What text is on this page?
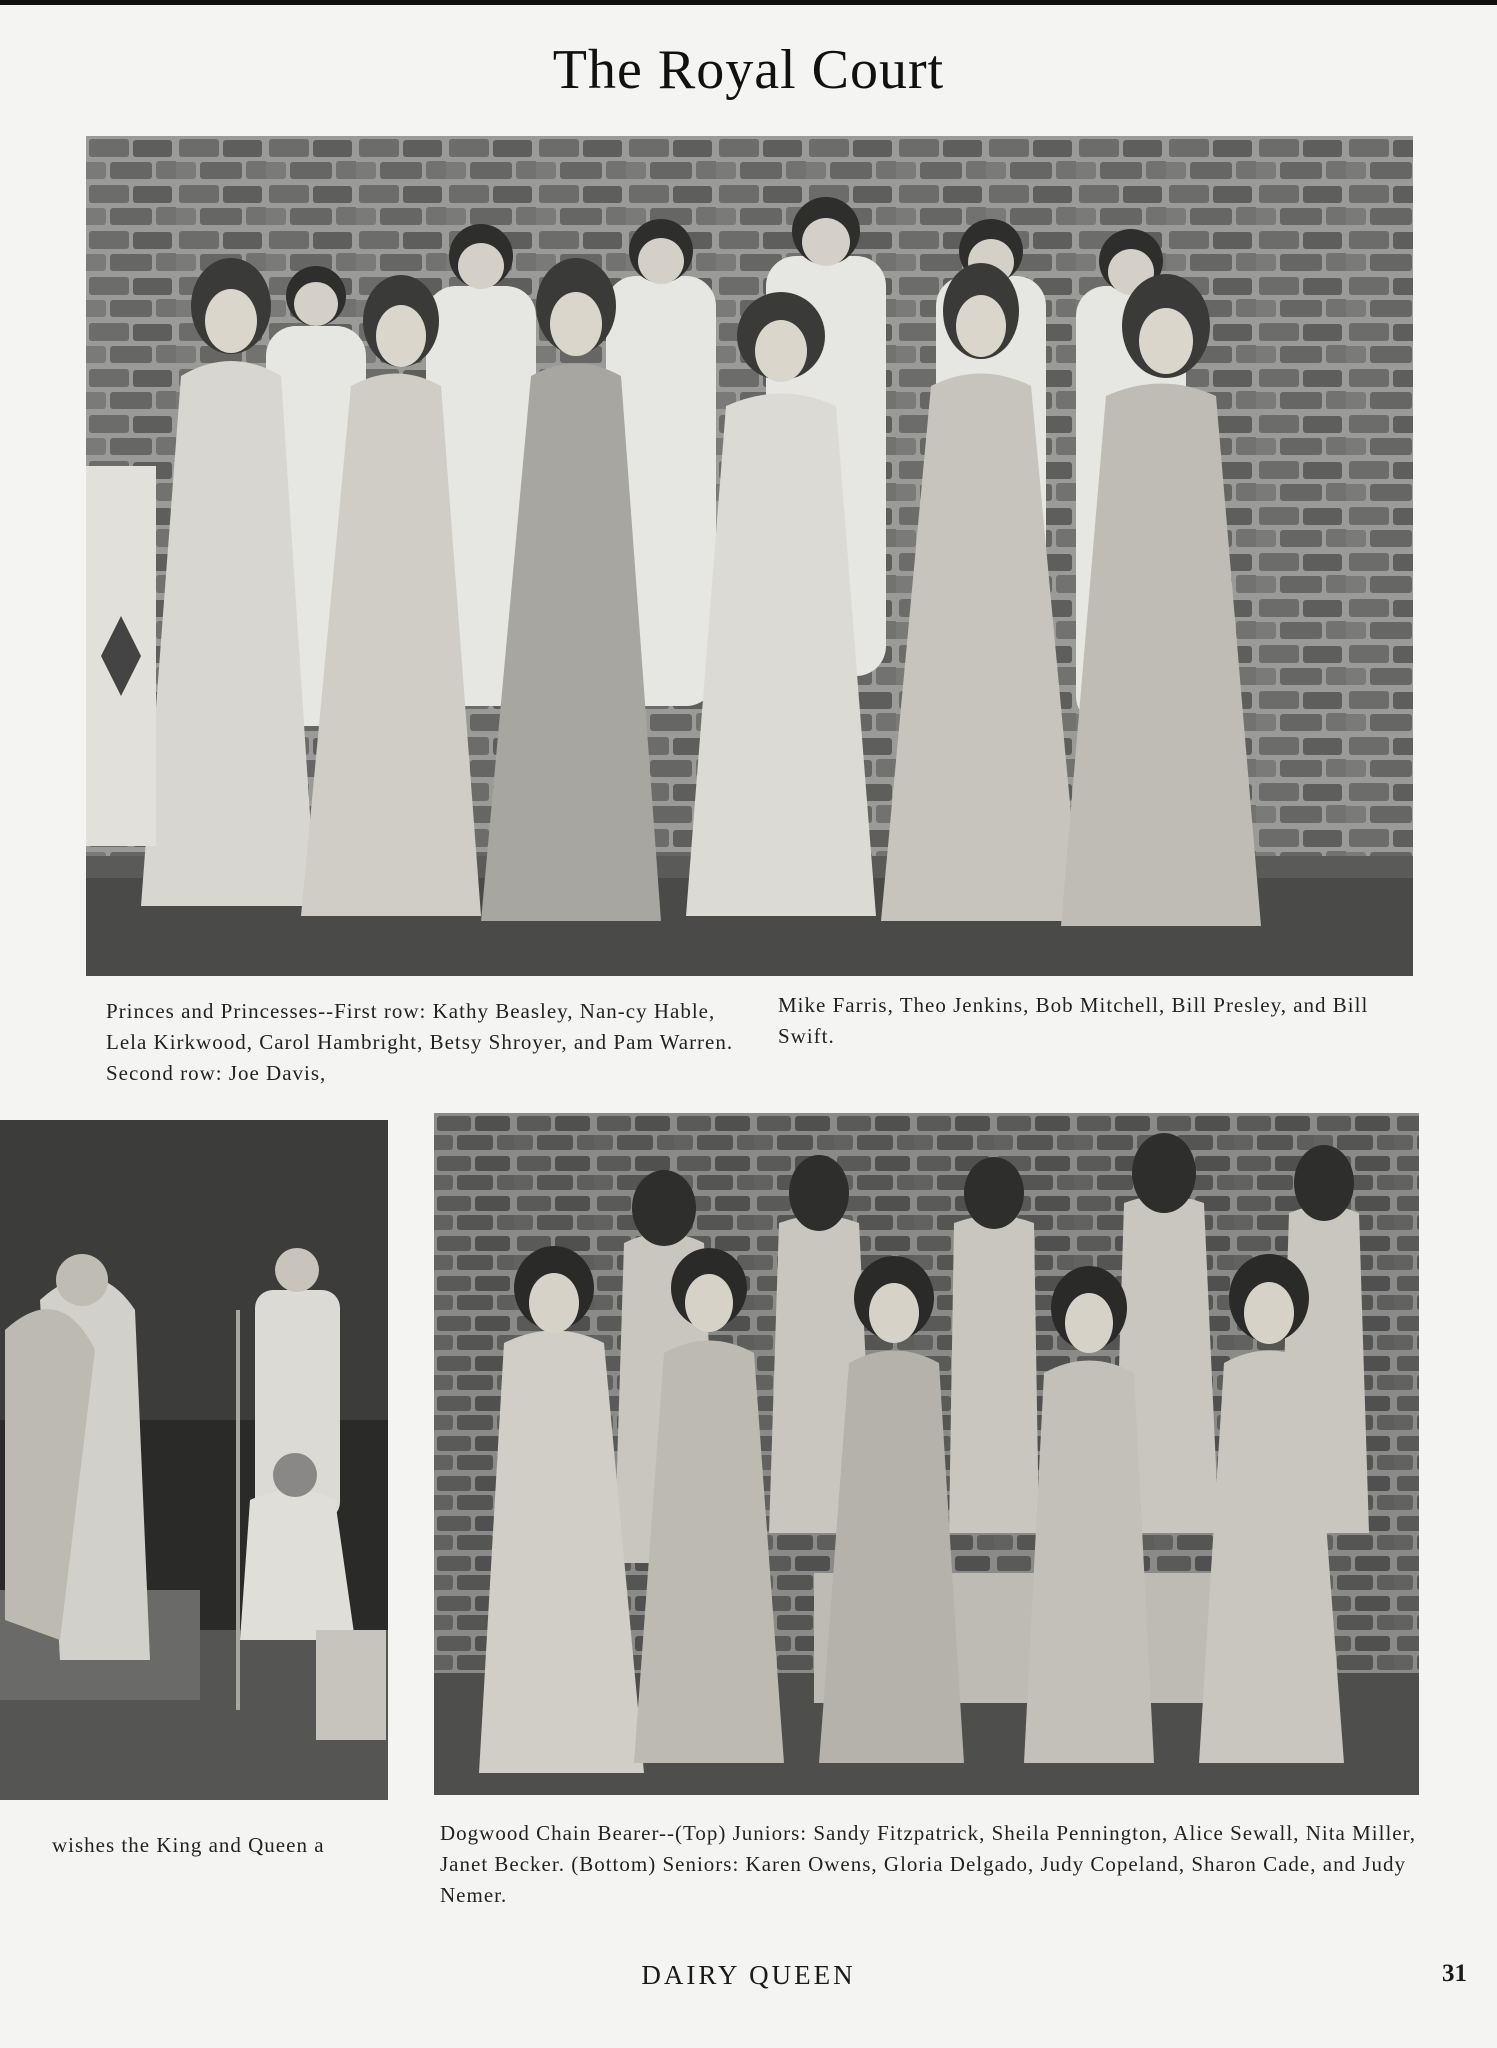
The Royal Court

Princes and Princesses--First row: Kathy Beasley, Nan-cy Hable, Lela Kirkwood, Carol Hambright, Betsy Shroyer, and Pam Warren. Second row: Joe Davis,

Mike Farris, Theo Jenkins, Bob Mitchell, Bill Presley, and Bill Swift.

wishes the King and Queen a	Dogwood Chain Bearer--(Top) Juniors: Sandy Fitzpatrick, Sheila Pennington, Alice Sewall, Nita Miller, Janet Becker. (Bottom) Seniors: Karen Owens, Gloria Delgado, Judy Copeland, Sharon Cade, and Judy Nemer.

DAIRY QUEEN	31
